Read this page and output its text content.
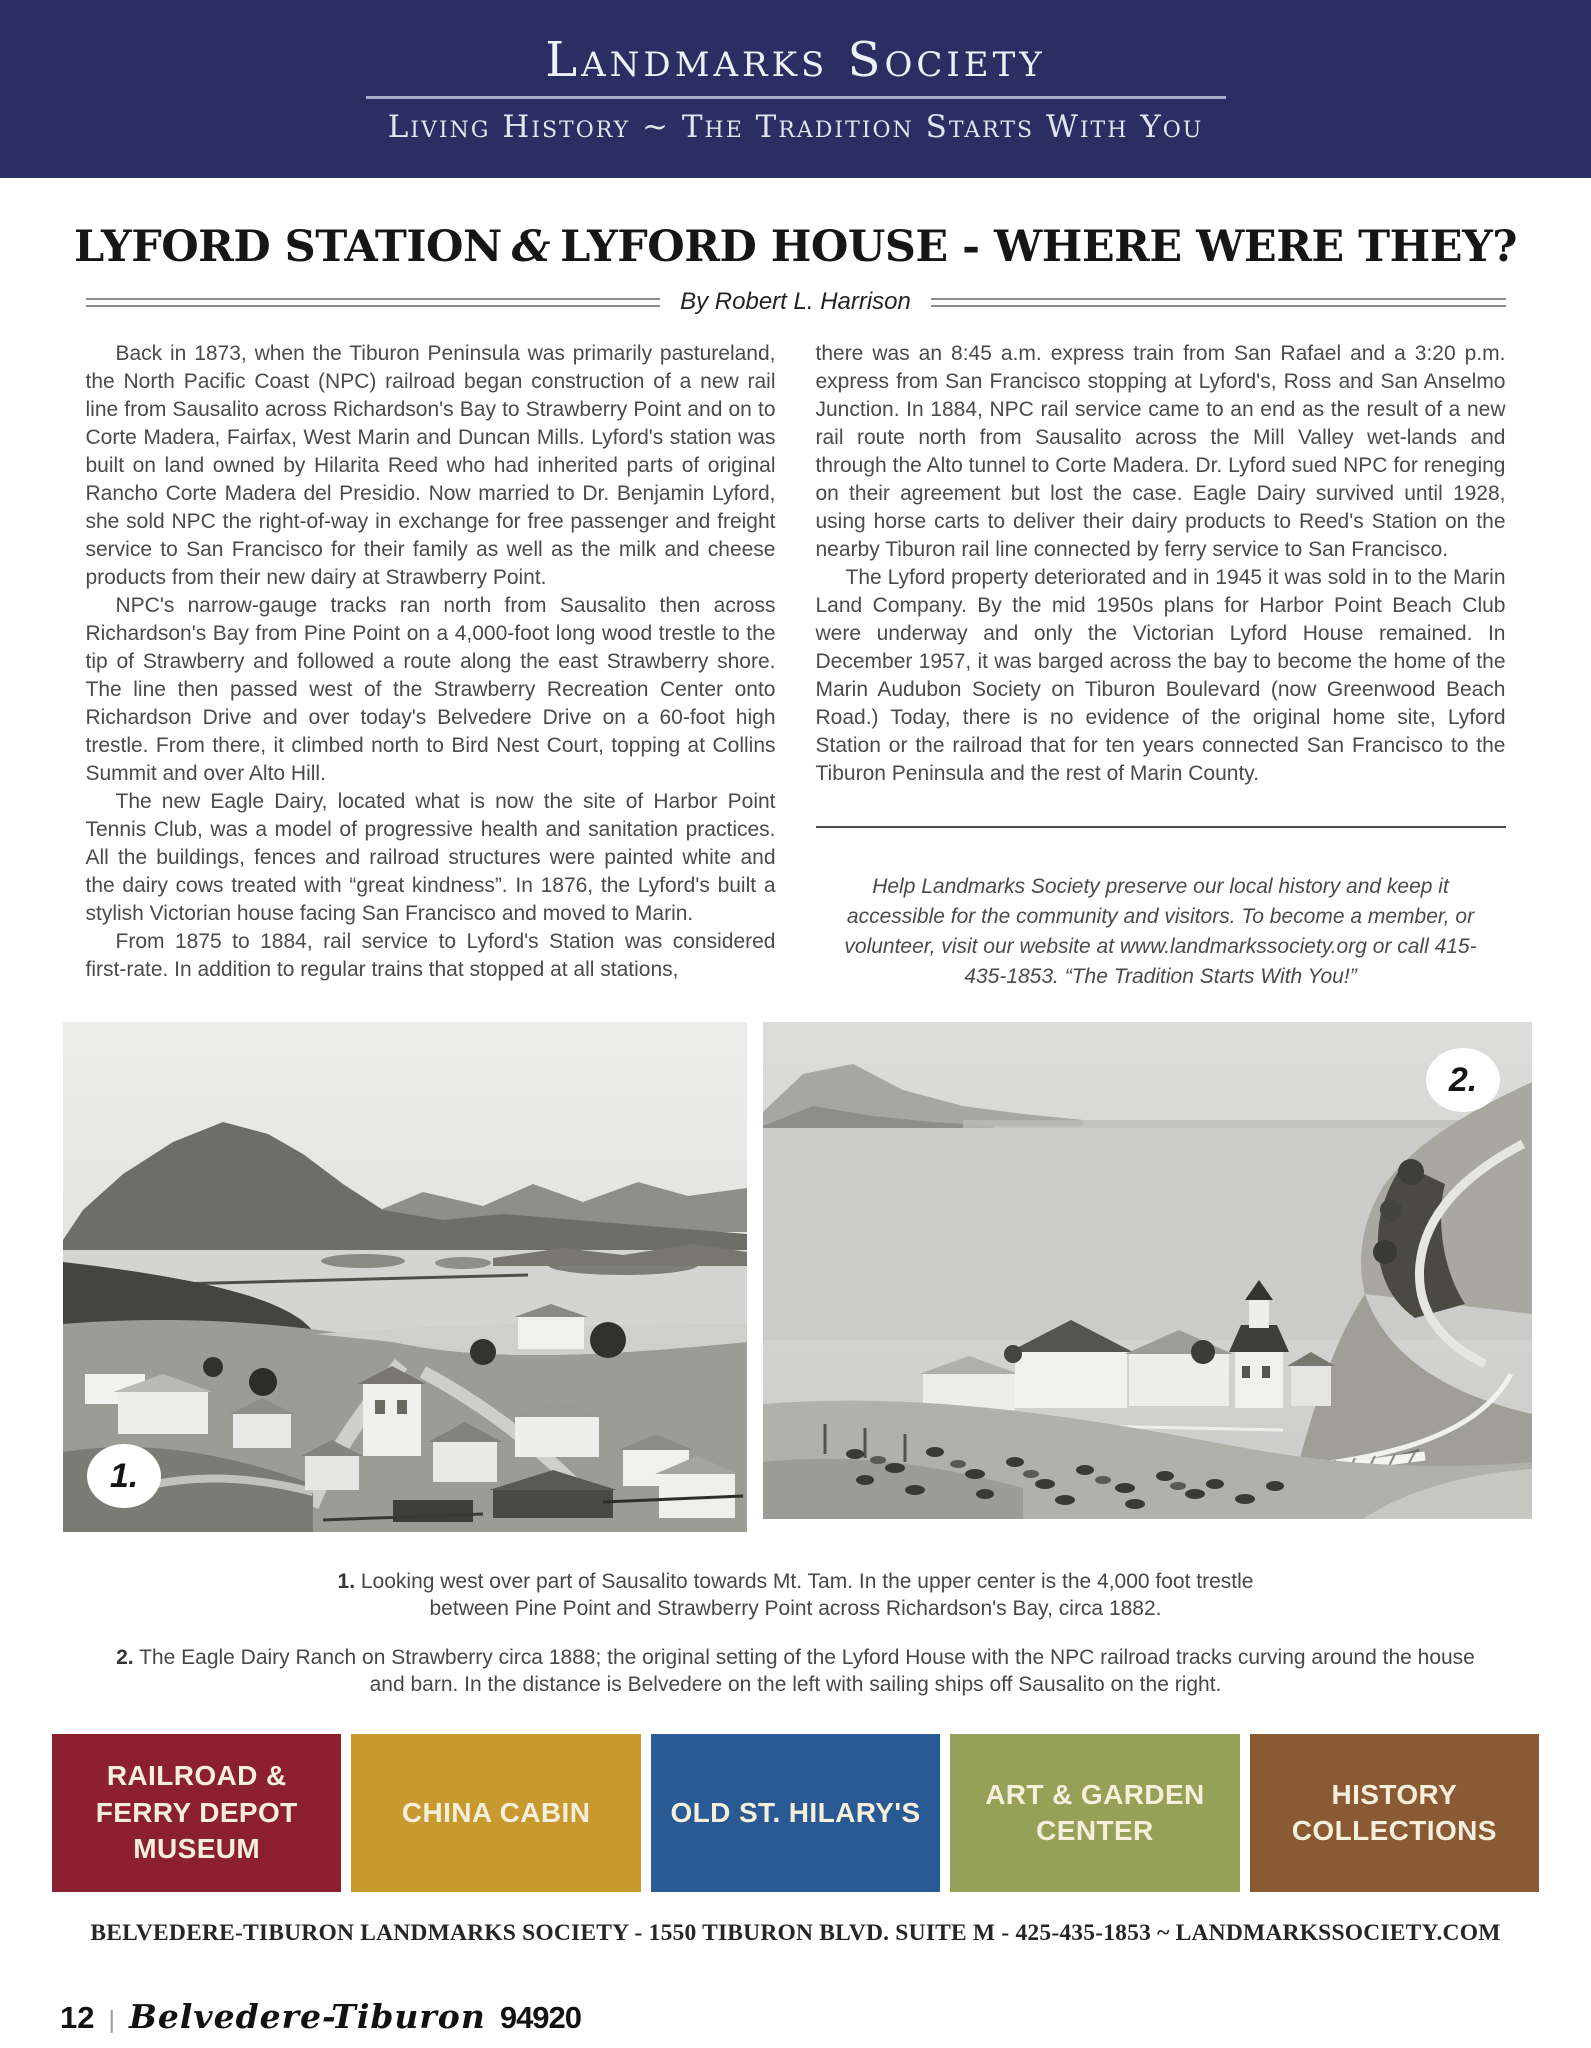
Landmarks Society
Living History ~ The Tradition Starts With You
LYFORD STATION & LYFORD HOUSE - WHERE WERE THEY?
By Robert L. Harrison

Back in 1873, when the Tiburon Peninsula was primarily pastureland, the North Pacific Coast (NPC) railroad began construction of a new rail line from Sausalito across Richardson's Bay to Strawberry Point and on to Corte Madera, Fairfax, West Marin and Duncan Mills. Lyford's station was built on land owned by Hilarita Reed who had inherited parts of original Rancho Corte Madera del Presidio. Now married to Dr. Benjamin Lyford, she sold NPC the right-of-way in exchange for free passenger and freight service to San Francisco for their family as well as the milk and cheese products from their new dairy at Strawberry Point.

NPC's narrow-gauge tracks ran north from Sausalito then across Richardson's Bay from Pine Point on a 4,000-foot long wood trestle to the tip of Strawberry and followed a route along the east Strawberry shore. The line then passed west of the Strawberry Recreation Center onto Richardson Drive and over today's Belvedere Drive on a 60-foot high trestle. From there, it climbed north to Bird Nest Court, topping at Collins Summit and over Alto Hill.

The new Eagle Dairy, located what is now the site of Harbor Point Tennis Club, was a model of progressive health and sanitation practices. All the buildings, fences and railroad structures were painted white and the dairy cows treated with “great kindness”. In 1876, the Lyford's built a stylish Victorian house facing San Francisco and moved to Marin.

From 1875 to 1884, rail service to Lyford's Station was considered first-rate. In addition to regular trains that stopped at all stations,

there was an 8:45 a.m. express train from San Rafael and a 3:20 p.m. express from San Francisco stopping at Lyford's, Ross and San Anselmo Junction. In 1884, NPC rail service came to an end as the result of a new rail route north from Sausalito across the Mill Valley wet-lands and through the Alto tunnel to Corte Madera. Dr. Lyford sued NPC for reneging on their agreement but lost the case. Eagle Dairy survived until 1928, using horse carts to deliver their dairy products to Reed's Station on the nearby Tiburon rail line connected by ferry service to San Francisco.

The Lyford property deteriorated and in 1945 it was sold in to the Marin Land Company. By the mid 1950s plans for Harbor Point Beach Club were underway and only the Victorian Lyford House remained. In December 1957, it was barged across the bay to become the home of the Marin Audubon Society on Tiburon Boulevard (now Greenwood Beach Road.) Today, there is no evidence of the original home site, Lyford Station or the railroad that for ten years connected San Francisco to the Tiburon Peninsula and the rest of Marin County.

Help Landmarks Society preserve our local history and keep it accessible for the community and visitors. To become a member, or volunteer, visit our website at www.landmarkssociety.org or call 415-435-1853. “The Tradition Starts With You!”

1.
2.

1. Looking west over part of Sausalito towards Mt. Tam. In the upper center is the 4,000 foot trestle between Pine Point and Strawberry Point across Richardson's Bay, circa 1882.

2. The Eagle Dairy Ranch on Strawberry circa 1888; the original setting of the Lyford House with the NPC railroad tracks curving around the house and barn. In the distance is Belvedere on the left with sailing ships off Sausalito on the right.

RAILROAD & FERRY DEPOT MUSEUM
CHINA CABIN	OLD ST. HILARY'S
ART & GARDEN CENTER
HISTORY COLLECTIONS
BELVEDERE-TIBURON LANDMARKS SOCIETY - 1550 TIBURON BLVD. SUITE M - 425-435-1853 ~ LANDMARKSSOCIETY.COM
12 | Belvedere-Tiburon 94920
